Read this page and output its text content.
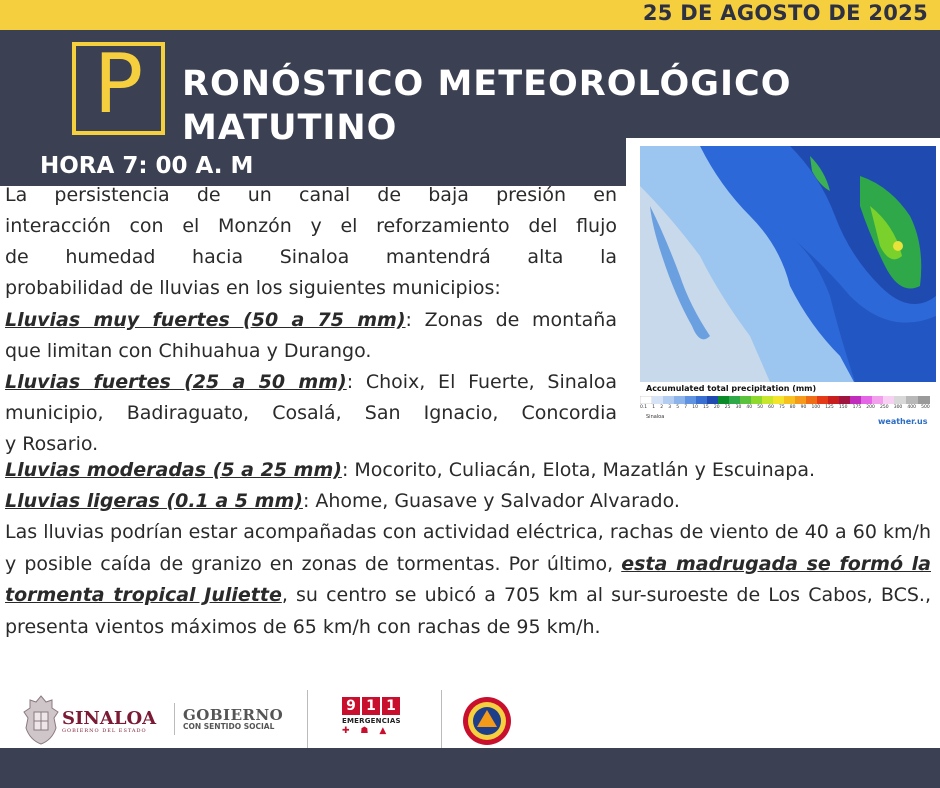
25 DE AGOSTO DE 2025
P	RONÓSTICO METEOROLÓGICO
MATUTINO
HORA 7: 00 A. M
Accumulated total precipitation (mm)
0.1 1 2 3 5 7 10 15 20 25 30 40 50 60 75 80 90 100 125 150 175 200 250 300 400 500
Sinaloa	weather.us
La persistencia de un canal de baja presión en
interacción con el Monzón y el reforzamiento del flujo
de humedad hacia Sinaloa mantendrá alta la
probabilidad de lluvias en los siguientes municipios:
Lluvias muy fuertes (50 a 75 mm): Zonas de montaña
que limitan con Chihuahua y Durango.
Lluvias fuertes (25 a 50 mm): Choix, El Fuerte, Sinaloa
municipio, Badiraguato, Cosalá, San Ignacio, Concordia
y Rosario.
Lluvias moderadas (5 a 25 mm): Mocorito, Culiacán, Elota, Mazatlán y Escuinapa.
Lluvias ligeras (0.1 a 5 mm): Ahome, Guasave y Salvador Alvarado.
Las lluvias podrían estar acompañadas con actividad eléctrica, rachas de viento de 40 a 60 km/h y posible caída de granizo en zonas de tormentas. Por último, esta madrugada se formó la tormenta tropical Juliette, su centro se ubicó a 705 km al sur-suroeste de Los Cabos, BCS., presenta vientos máximos de 65 km/h con rachas de 95 km/h.
SINALOA
GOBIERNO DEL ESTADO
GOBIERNO
CON SENTIDO SOCIAL
9 1 1
EMERGENCIAS
✚ ☗ ▲
